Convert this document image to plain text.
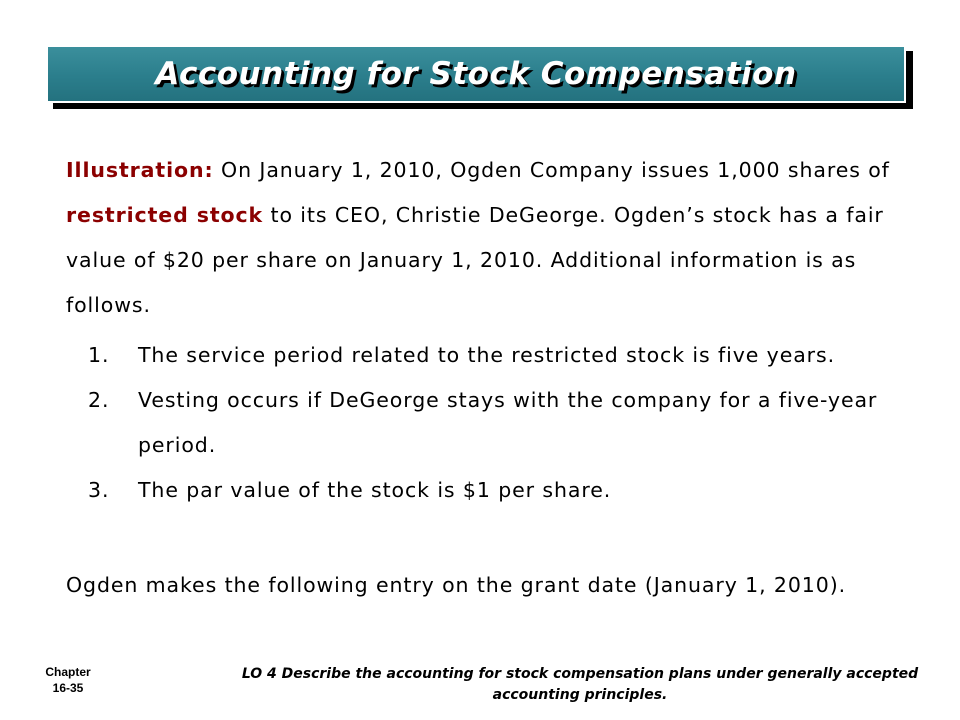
Accounting for Stock Compensation

Illustration: On January 1, 2010, Ogden Company issues 1,000 shares of restricted stock to its CEO, Christie DeGeorge. Ogden’s stock has a fair value of $20 per share on January 1, 2010. Additional information is as follows.

1.	The service period related to the restricted stock is five years.
2.	Vesting occurs if DeGeorge stays with the company for a five-year period.
3.	The par value of the stock is $1 per share.

Ogden makes the following entry on the grant date (January 1, 2010).

Chapter
16-35
LO 4 Describe the accounting for stock compensation plans under generally accepted accounting principles.
